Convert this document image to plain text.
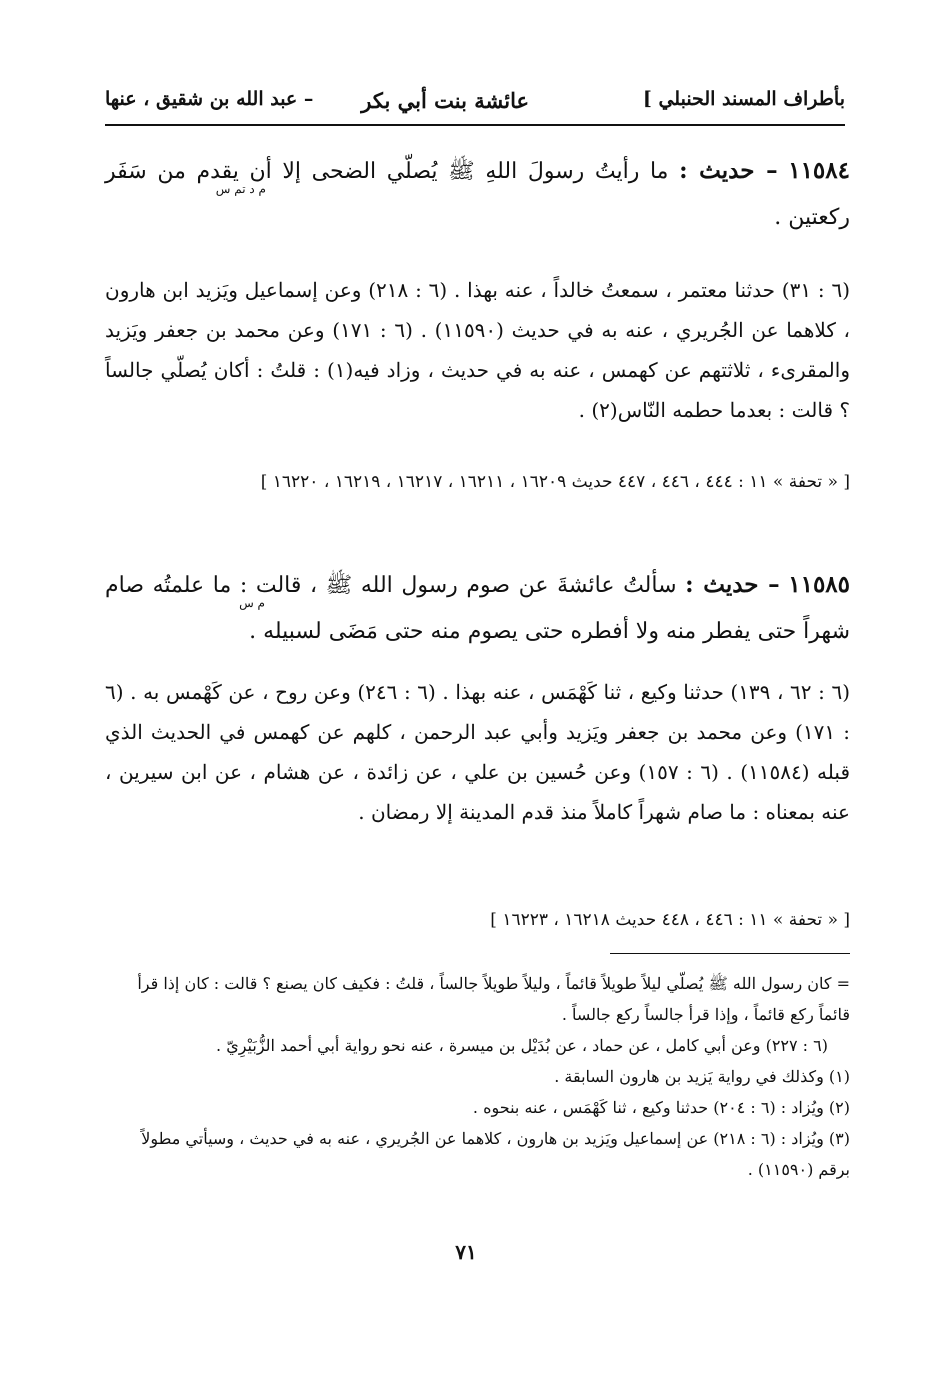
بأطراف المسند الحنبلي ]
عائشة بنت أبي بكر
– عبد الله بن شقيق ، عنها
١١٥٨٤ – حديث : ما رأيتُ رسولَ اللهِ ﷺ يُصلّي الضحى إلا أن يقدم من سَفَر ركعتين .
م د تم س
(٦ : ٣١) حدثنا معتمر ، سمعتُ خالداً ، عنه بهذا . (٦ : ٢١٨) وعن إسماعيل ويَزيد ابن هارون ، كلاهما عن الجُريري ، عنه به في حديث (١١٥٩٠) . (٦ : ١٧١) وعن محمد بن جعفر ويَزيد والمقرىء ، ثلاثتهم عن كهمس ، عنه به في حديث ، وزاد فيه(١) : قلتُ : أكان يُصلّي جالساً ؟ قالت : بعدما حطمه النّاس(٢) .
[ « تحفة » ١١ : ٤٤٤ ، ٤٤٦ ، ٤٤٧ حديث ١٦٢٠٩ ، ١٦٢١١ ، ١٦٢١٧ ، ١٦٢١٩ ، ١٦٢٢٠ ]
١١٥٨٥ – حديث : سألتُ عائشةَ عن صوم رسول الله ﷺ ، قالت : ما علمتُه صام شهراً حتى يفطر منه ولا أفطره حتى يصوم منه حتى مَضَى لسبيله .
م س
(٦ : ٦٢ ، ١٣٩) حدثنا وكيع ، ثنا كَهْمَس ، عنه بهذا . (٦ : ٢٤٦) وعن روح ، عن كَهْمس به . (٦ : ١٧١) وعن محمد بن جعفر ويَزيد وأبي عبد الرحمن ، كلهم عن كهمس في الحديث الذي قبله (١١٥٨٤) . (٦ : ١٥٧) وعن حُسين بن علي ، عن زائدة ، عن هشام ، عن ابن سيرين ، عنه بمعناه : ما صام شهراً كاملاً منذ قدم المدينة إلا رمضان .
[ « تحفة » ١١ : ٤٤٦ ، ٤٤٨ حديث ١٦٢١٨ ، ١٦٢٢٣ ]

= كان رسول الله ﷺ يُصلّي ليلاً طويلاً قائماً ، وليلاً طويلاً جالساً ، قلتُ : فكيف كان يصنع ؟ قالت : كان إذا قرأ قائماً ركع قائماً ، وإذا قرأ جالساً ركع جالساً .

(٦ : ٢٢٧) وعن أبي كامل ، عن حماد ، عن بُدَيْل بن ميسرة ، عنه نحو رواية أبي أحمد الزُّبَيْرِيّ .

(١) وكذلك في رواية يَزيد بن هارون السابقة .

(٢) ويُزاد : (٦ : ٢٠٤) حدثنا وكيع ، ثنا كَهْمَس ، عنه بنحوه .

(٣) ويُزاد : (٦ : ٢١٨) عن إسماعيل ويَزيد بن هارون ، كلاهما عن الجُريري ، عنه به في حديث ، وسيأتي مطولاً برقم (١١٥٩٠) .

٧١
